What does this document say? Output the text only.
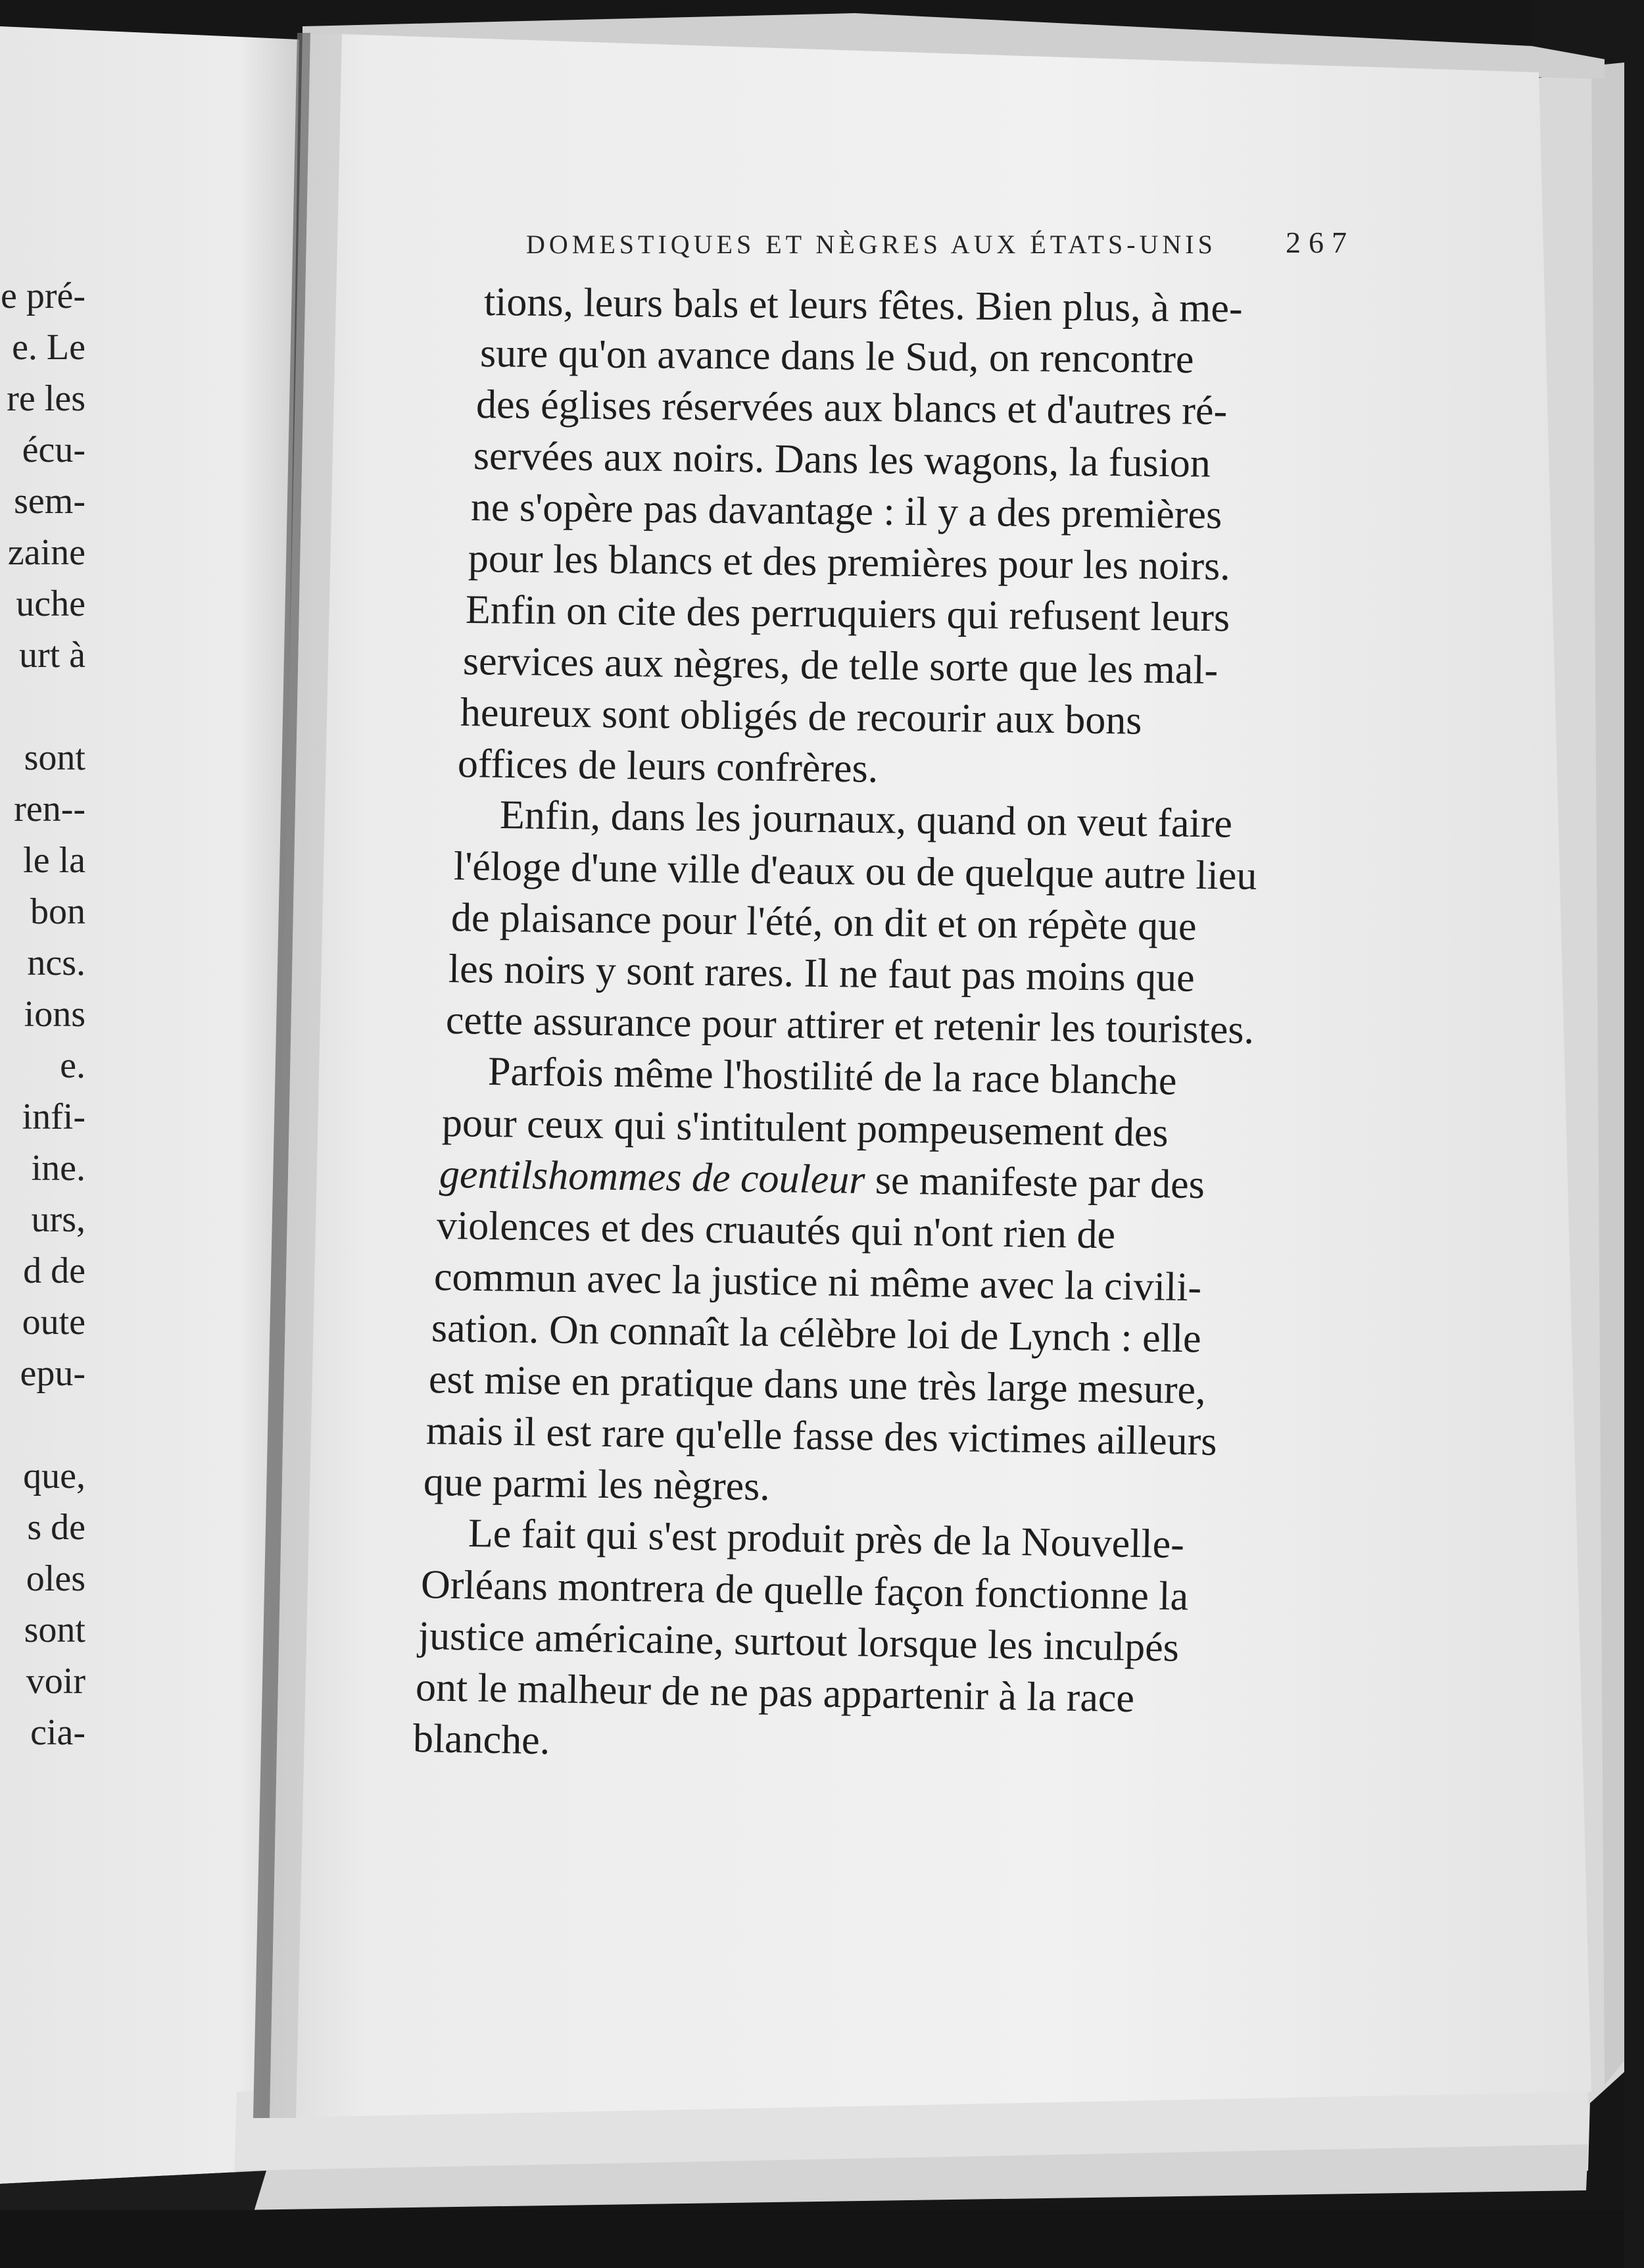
e pré-
e. Le
re les
écu-
sem-
zaine
uche
urt à
sont
ren--
le la
bon
ncs.
ions
e.
infi-
ine.
urs,
d de
oute
epu-
que,
s de
oles
sont
voir
cia-
DOMESTIQUES ET NÈGRES AUX ÉTATS-UNIS 267
tions, leurs bals et leurs fêtes. Bien plus, à me-
sure qu'on avance dans le Sud, on rencontre
des églises réservées aux blancs et d'autres ré-
servées aux noirs. Dans les wagons, la fusion
ne s'opère pas davantage : il y a des premières
pour les blancs et des premières pour les noirs.
Enfin on cite des perruquiers qui refusent leurs
services aux nègres, de telle sorte que les mal-
heureux sont obligés de recourir aux bons
offices de leurs confrères.
Enfin, dans les journaux, quand on veut faire
l'éloge d'une ville d'eaux ou de quelque autre lieu
de plaisance pour l'été, on dit et on répète que
les noirs y sont rares. Il ne faut pas moins que
cette assurance pour attirer et retenir les touristes.
Parfois même l'hostilité de la race blanche
pour ceux qui s'intitulent pompeusement des
gentilshommes de couleur se manifeste par des
violences et des cruautés qui n'ont rien de
commun avec la justice ni même avec la civili-
sation. On connaît la célèbre loi de Lynch : elle
est mise en pratique dans une très large mesure,
mais il est rare qu'elle fasse des victimes ailleurs
que parmi les nègres.
Le fait qui s'est produit près de la Nouvelle-
Orléans montrera de quelle façon fonctionne la
justice américaine, surtout lorsque les inculpés
ont le malheur de ne pas appartenir à la race
blanche.
